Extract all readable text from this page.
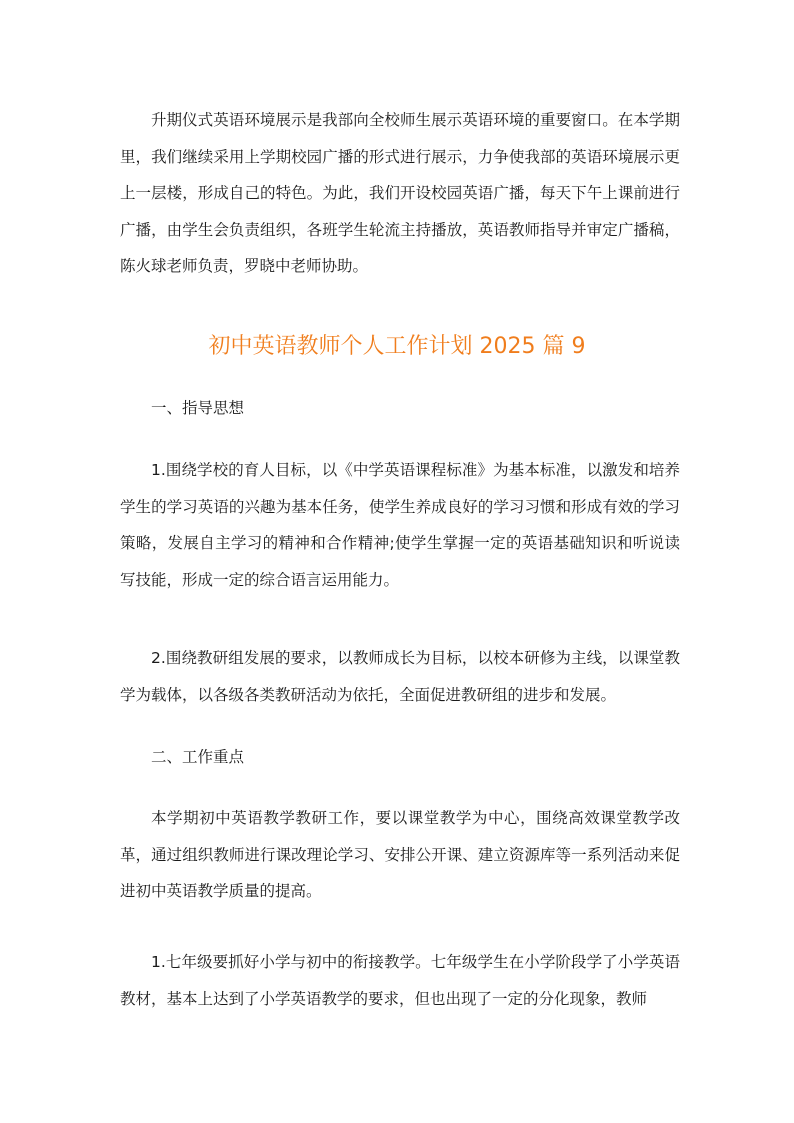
升期仪式英语环境展示是我部向全校师生展示英语环境的重要窗口。在本学期里，我们继续采用上学期校园广播的形式进行展示，力争使我部的英语环境展示更上一层楼，形成自己的特色。为此，我们开设校园英语广播，每天下午上课前进行广播，由学生会负责组织，各班学生轮流主持播放，英语教师指导并审定广播稿，陈火球老师负责，罗晓中老师协助。

初中英语教师个人工作计划 2025 篇 9

一、指导思想

1.围绕学校的育人目标，以《中学英语课程标准》为基本标准，以激发和培养学生的学习英语的兴趣为基本任务，使学生养成良好的学习习惯和形成有效的学习策略，发展自主学习的精神和合作精神;使学生掌握一定的英语基础知识和听说读写技能，形成一定的综合语言运用能力。

2.围绕教研组发展的要求，以教师成长为目标，以校本研修为主线，以课堂教学为载体，以各级各类教研活动为依托，全面促进教研组的进步和发展。

二、工作重点

本学期初中英语教学教研工作，要以课堂教学为中心，围绕高效课堂教学改革，通过组织教师进行课改理论学习、安排公开课、建立资源库等一系列活动来促进初中英语教学质量的提高。

1.七年级要抓好小学与初中的衔接教学。七年级学生在小学阶段学了小学英语教材，基本上达到了小学英语教学的要求，但也出现了一定的分化现象，教师
